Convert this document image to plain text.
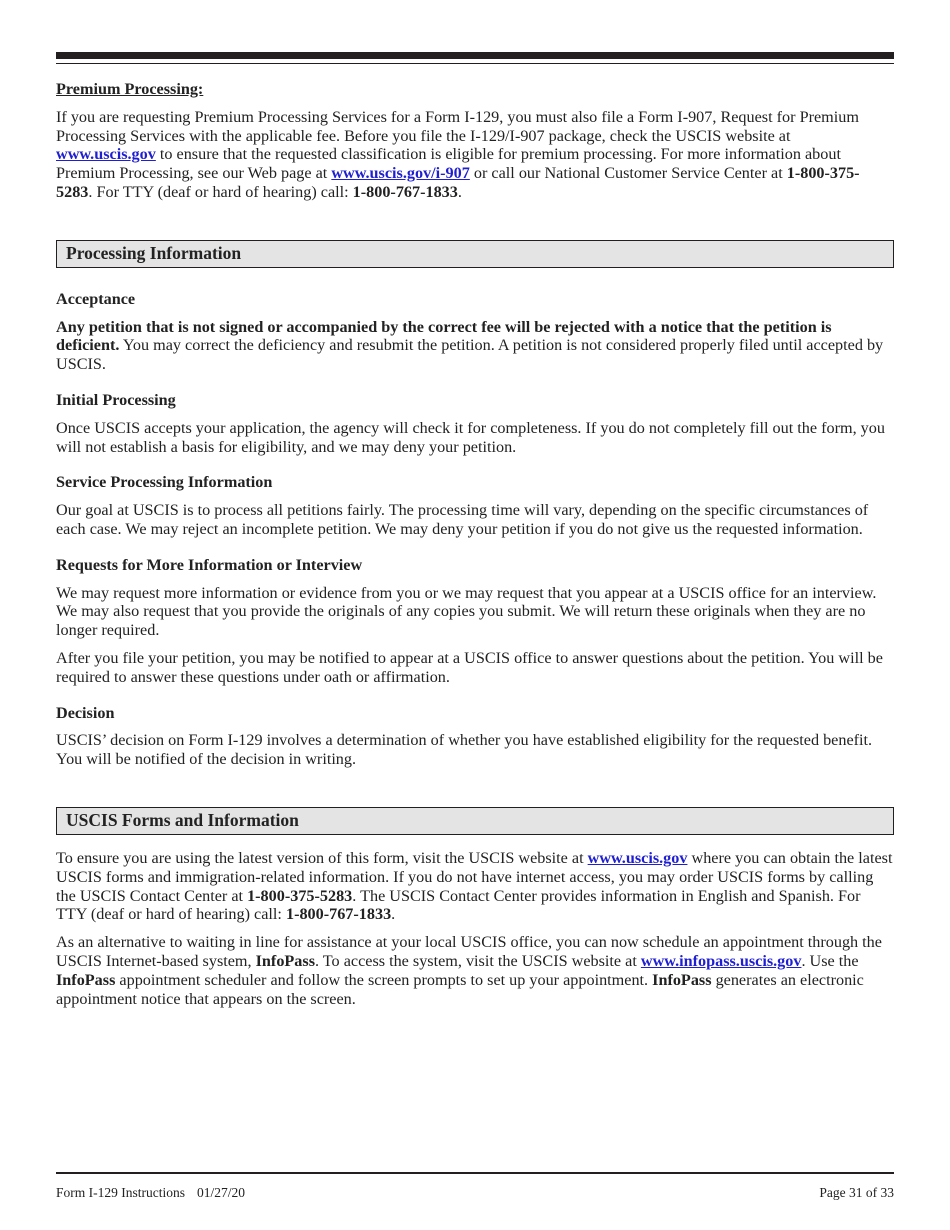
Premium Processing:

If you are requesting Premium Processing Services for a Form I-129, you must also file a Form I-907, Request for Premium Processing Services with the applicable fee. Before you file the I-129/I-907 package, check the USCIS website at www.uscis.gov to ensure that the requested classification is eligible for premium processing. For more information about Premium Processing, see our Web page at www.uscis.gov/i-907 or call our National Customer Service Center at 1-800-375-5283. For TTY (deaf or hard of hearing) call: 1-800-767-1833.

Processing Information

Acceptance

Any petition that is not signed or accompanied by the correct fee will be rejected with a notice that the petition is deficient. You may correct the deficiency and resubmit the petition. A petition is not considered properly filed until accepted by USCIS.

Initial Processing

Once USCIS accepts your application, the agency will check it for completeness. If you do not completely fill out the form, you will not establish a basis for eligibility, and we may deny your petition.

Service Processing Information

Our goal at USCIS is to process all petitions fairly. The processing time will vary, depending on the specific circumstances of each case. We may reject an incomplete petition. We may deny your petition if you do not give us the requested information.

Requests for More Information or Interview

We may request more information or evidence from you or we may request that you appear at a USCIS office for an interview. We may also request that you provide the originals of any copies you submit. We will return these originals when they are no longer required.

After you file your petition, you may be notified to appear at a USCIS office to answer questions about the petition. You will be required to answer these questions under oath or affirmation.

Decision

USCIS’ decision on Form I-129 involves a determination of whether you have established eligibility for the requested benefit. You will be notified of the decision in writing.

USCIS Forms and Information

To ensure you are using the latest version of this form, visit the USCIS website at www.uscis.gov where you can obtain the latest USCIS forms and immigration-related information. If you do not have internet access, you may order USCIS forms by calling the USCIS Contact Center at 1-800-375-5283. The USCIS Contact Center provides information in English and Spanish. For TTY (deaf or hard of hearing) call: 1-800-767-1833.

As an alternative to waiting in line for assistance at your local USCIS office, you can now schedule an appointment through the USCIS Internet-based system, InfoPass. To access the system, visit the USCIS website at www.infopass.uscis.gov. Use the InfoPass appointment scheduler and follow the screen prompts to set up your appointment. InfoPass generates an electronic appointment notice that appears on the screen.

Form I-129 Instructions 01/27/20	Page 31 of 33
